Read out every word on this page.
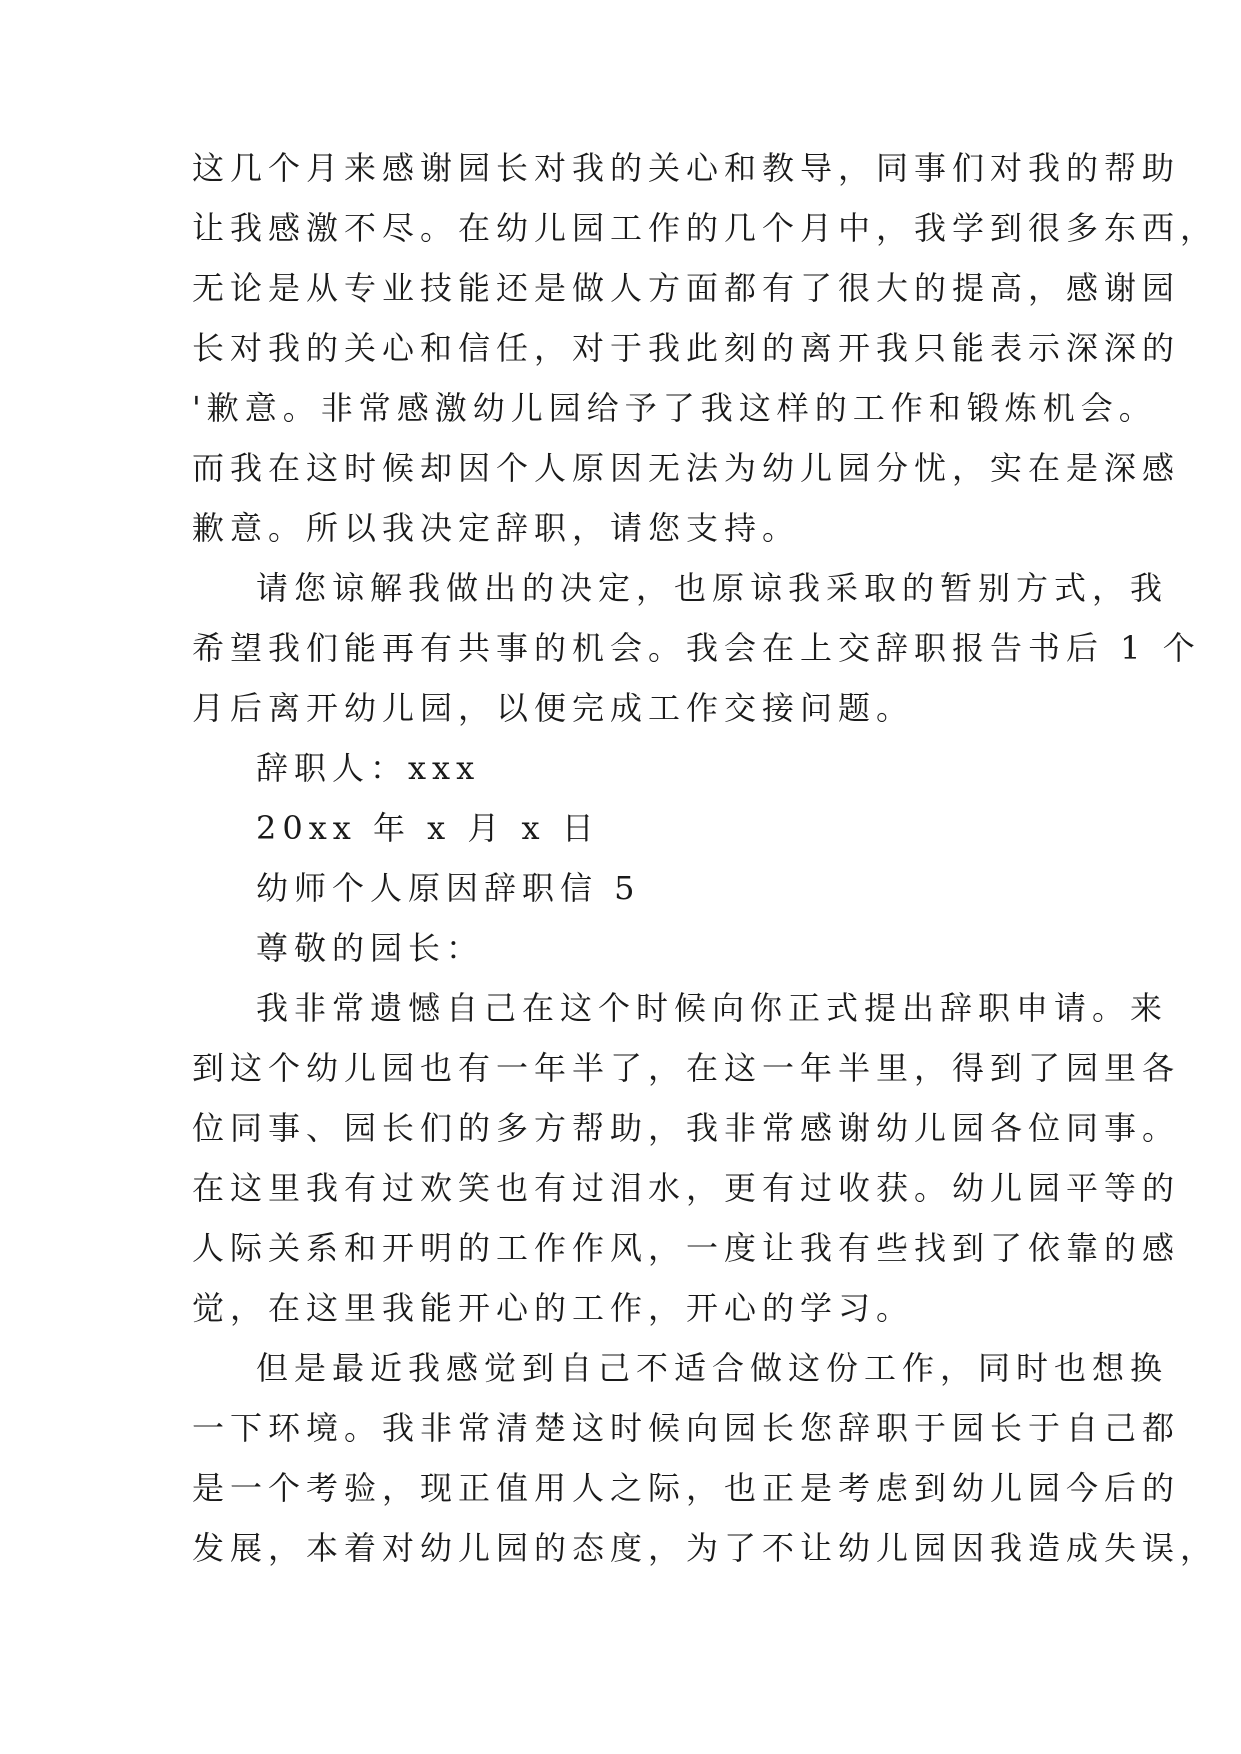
这几个月来感谢园长对我的关心和教导，同事们对我的帮助
让我感激不尽。在幼儿园工作的几个月中，我学到很多东西，
无论是从专业技能还是做人方面都有了很大的提高，感谢园
长对我的关心和信任，对于我此刻的离开我只能表示深深的
'歉意。非常感激幼儿园给予了我这样的工作和锻炼机会。
而我在这时候却因个人原因无法为幼儿园分忧，实在是深感
歉意。所以我决定辞职，请您支持。
请您谅解我做出的决定，也原谅我采取的暂别方式，我
希望我们能再有共事的机会。我会在上交辞职报告书后 1 个
月后离开幼儿园，以便完成工作交接问题。
辞职人：xxx
20xx 年 x 月 x 日
幼师个人原因辞职信 5
尊敬的园长：
我非常遗憾自己在这个时候向你正式提出辞职申请。来
到这个幼儿园也有一年半了，在这一年半里，得到了园里各
位同事、园长们的多方帮助，我非常感谢幼儿园各位同事。
在这里我有过欢笑也有过泪水，更有过收获。幼儿园平等的
人际关系和开明的工作作风，一度让我有些找到了依靠的感
觉，在这里我能开心的工作，开心的学习。
但是最近我感觉到自己不适合做这份工作，同时也想换
一下环境。我非常清楚这时候向园长您辞职于园长于自己都
是一个考验，现正值用人之际，也正是考虑到幼儿园今后的
发展，本着对幼儿园的态度，为了不让幼儿园因我造成失误，
